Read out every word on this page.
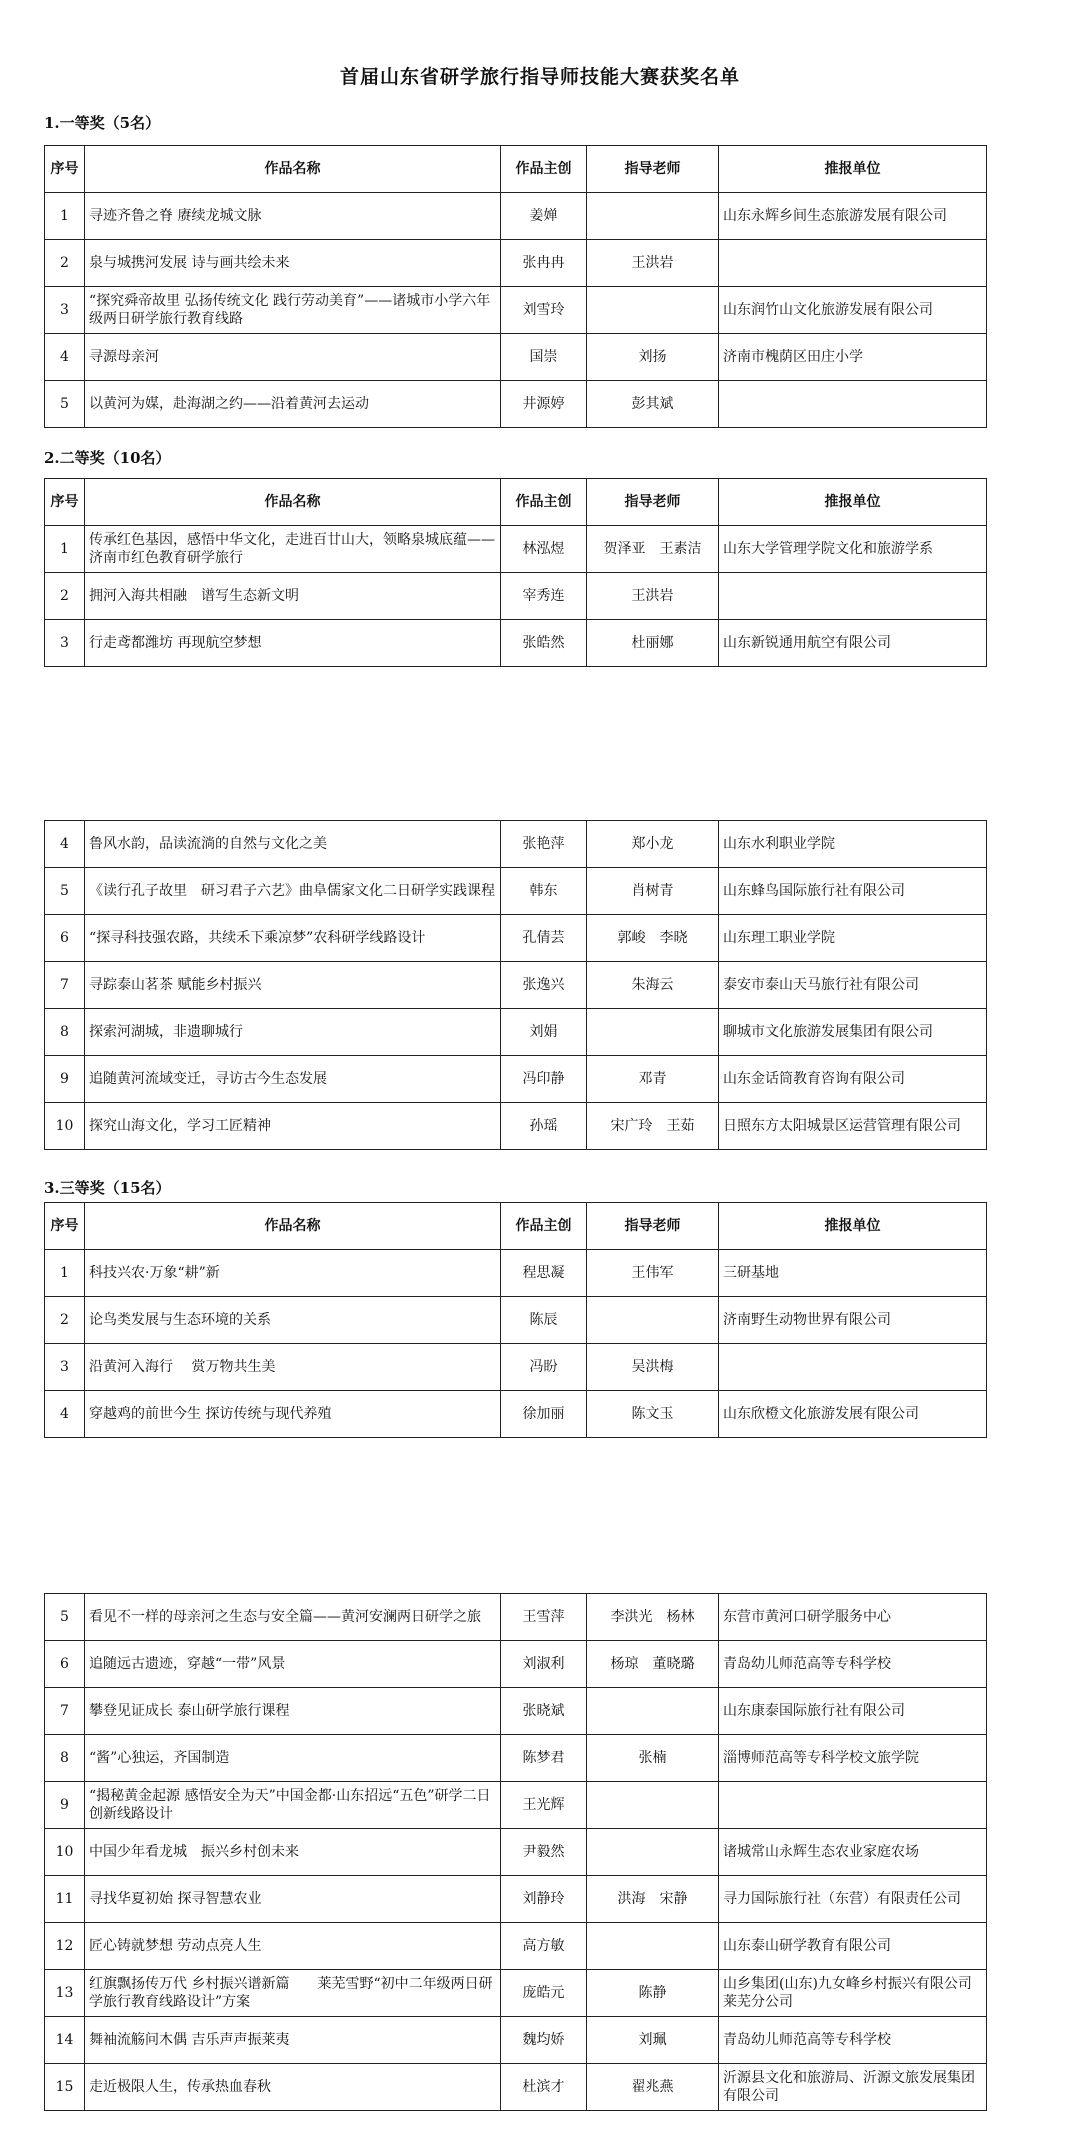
首届山东省研学旅行指导师技能大赛获奖名单
1.一等奖（5名）
序号	作品名称	作品主创	指导老师	推报单位
1	寻迹齐鲁之脊 赓续龙城文脉	姜婵		山东永辉乡间生态旅游发展有限公司
2	泉与城携河发展 诗与画共绘未来	张冉冉	王洪岩	
3	“探究舜帝故里 弘扬传统文化 践行劳动美育”——诸城市小学六年级两日研学旅行教育线路	刘雪玲		山东润竹山文化旅游发展有限公司
4	寻源母亲河	国崇	刘扬	济南市槐荫区田庄小学
5	以黄河为媒，赴海湖之约——沿着黄河去运动	井源婷	彭其斌	
2.二等奖（10名）
序号	作品名称	作品主创	指导老师	推报单位
1	传承红色基因，感悟中华文化，走进百廿山大，领略泉城底蕴——济南市红色教育研学旅行	林泓煜	贺泽亚　王素洁	山东大学管理学院文化和旅游学系
2	拥河入海共相融　谱写生态新文明	宰秀连	王洪岩	
3	行走鸢都潍坊 再现航空梦想	张皓然	杜丽娜	山东新锐通用航空有限公司
4	鲁风水韵，品读流淌的自然与文化之美	张艳萍	郑小龙	山东水利职业学院
5	《读行孔子故里　研习君子六艺》曲阜儒家文化二日研学实践课程	韩东	肖树青	山东蜂鸟国际旅行社有限公司
6	“探寻科技强农路，共续禾下乘凉梦”农科研学线路设计	孔倩芸	郭峻　李晓	山东理工职业学院
7	寻踪泰山茗茶 赋能乡村振兴	张逸兴	朱海云	泰安市泰山天马旅行社有限公司
8	探索河湖城，非遗聊城行	刘娟		聊城市文化旅游发展集团有限公司
9	追随黄河流域变迁，寻访古今生态发展	冯印静	邓青	山东金话筒教育咨询有限公司
10	探究山海文化，学习工匠精神	孙瑶	宋广玲　王茹	日照东方太阳城景区运营管理有限公司
3.三等奖（15名）
序号	作品名称	作品主创	指导老师	推报单位
1	科技兴农·万象“耕”新	程思凝	王伟军	三研基地
2	论鸟类发展与生态环境的关系	陈辰		济南野生动物世界有限公司
3	沿黄河入海行　 赏万物共生美	冯盼	吴洪梅	
4	穿越鸡的前世今生 探访传统与现代养殖	徐加丽	陈文玉	山东欣橙文化旅游发展有限公司
5	看见不一样的母亲河之生态与安全篇——黄河安澜两日研学之旅	王雪萍	李洪光　杨林	东营市黄河口研学服务中心
6	追随远古遗迹，穿越“一带”风景	刘淑利	杨琼　董晓璐	青岛幼儿师范高等专科学校
7	攀登见证成长 泰山研学旅行课程	张晓斌		山东康泰国际旅行社有限公司
8	“酱”心独运，齐国制造	陈梦君	张楠	淄博师范高等专科学校文旅学院
9	“揭秘黄金起源 感悟安全为天”中国金都·山东招远“五色”研学二日创新线路设计	王光辉		
10	中国少年看龙城　振兴乡村创未来	尹毅然		诸城常山永辉生态农业家庭农场
11	寻找华夏初始 探寻智慧农业	刘静玲	洪海　宋静	寻力国际旅行社（东营）有限责任公司
12	匠心铸就梦想 劳动点亮人生	高方敏		山东泰山研学教育有限公司
13	红旗飘扬传万代 乡村振兴谱新篇　　莱芜雪野“初中二年级两日研学旅行教育线路设计”方案	庞皓元	陈静	山乡集团(山东)九女峰乡村振兴有限公司莱芜分公司
14	舞袖流觞问木偶 吉乐声声振莱夷	魏均娇	刘珮	青岛幼儿师范高等专科学校
15	走近极限人生，传承热血春秋	杜滨才	翟兆燕	沂源县文化和旅游局、沂源文旅发展集团有限公司
